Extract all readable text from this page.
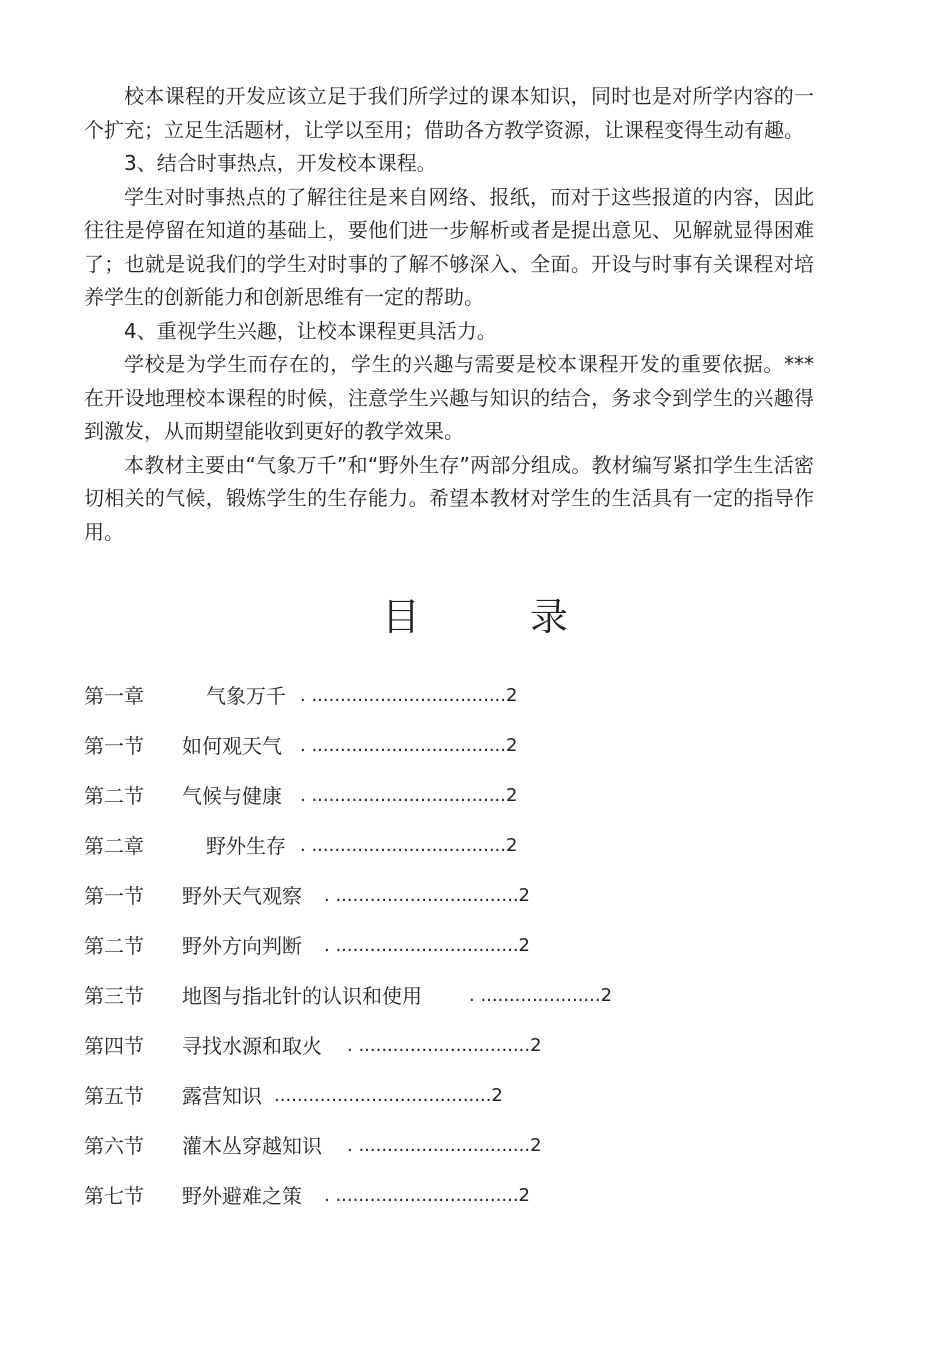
校本课程的开发应该立足于我们所学过的课本知识，同时也是对所学内容的一个扩充；立足生活题材，让学以至用；借助各方教学资源，让课程变得生动有趣。

3、结合时事热点，开发校本课程。

学生对时事热点的了解往往是来自网络、报纸，而对于这些报道的内容，因此往往是停留在知道的基础上，要他们进一步解析或者是提出意见、见解就显得困难了；也就是说我们的学生对时事的了解不够深入、全面。开设与时事有关课程对培养学生的创新能力和创新思维有一定的帮助。

4、重视学生兴趣，让校本课程更具活力。

学校是为学生而存在的，学生的兴趣与需要是校本课程开发的重要依据。*** 在开设地理校本课程的时候，注意学生兴趣与知识的结合，务求令到学生的兴趣得到激发，从而期望能收到更好的教学效果。

本教材主要由“气象万千”和“野外生存”两部分组成。教材编写紧扣学生生活密切相关的气候，锻炼学生的生存能力。希望本教材对学生的生活具有一定的指导作用。

目	录
第一章	气象万千 . ..................................2
第一节 如何观天气 . ..................................2
第二节 气候与健康 . ..................................2
第二章	野外生存 . ..................................2
第一节 野外天气观察 . ................................2
第二节 野外方向判断 . ................................2
第三节 地图与指北针的认识和使用	. .....................2
第四节 寻找水源和取火 . ..............................2
第五节 露营知识 ......................................2
第六节 灌木丛穿越知识 . ..............................2
第七节 野外避难之策 . ................................2
